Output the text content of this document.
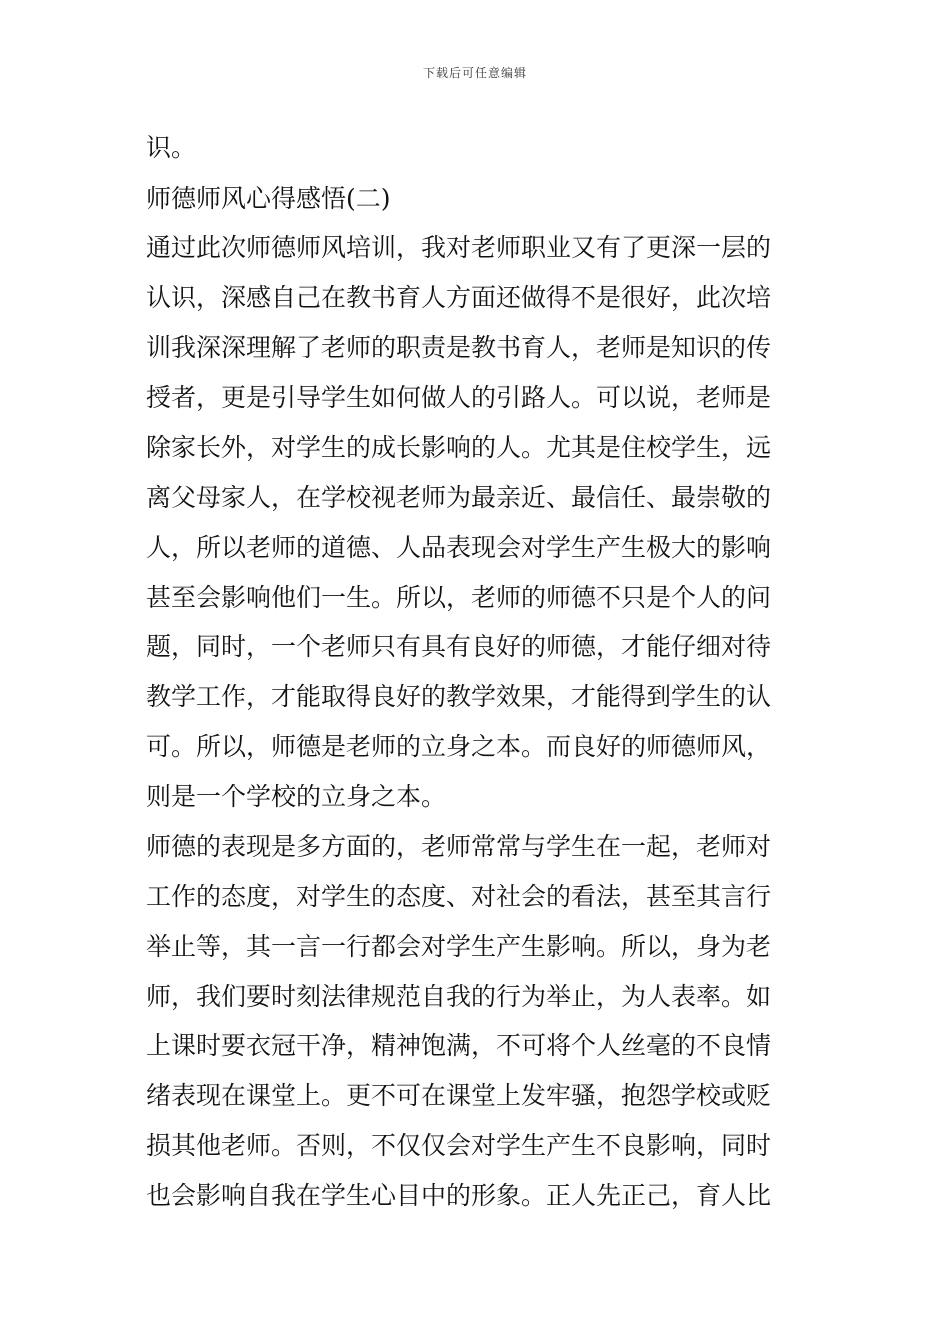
下载后可任意编辑
识。
师德师风心得感悟(二)
通过此次师德师风培训，我对老师职业又有了更深一层的
认识，深感自己在教书育人方面还做得不是很好，此次培
训我深深理解了老师的职责是教书育人，老师是知识的传
授者，更是引导学生如何做人的引路人。可以说，老师是
除家长外，对学生的成长影响的人。尤其是住校学生，远
离父母家人，在学校视老师为最亲近、最信任、最崇敬的
人，所以老师的道德、人品表现会对学生产生极大的影响
甚至会影响他们一生。所以，老师的师德不只是个人的问
题，同时，一个老师只有具有良好的师德，才能仔细对待
教学工作，才能取得良好的教学效果，才能得到学生的认
可。所以，师德是老师的立身之本。而良好的师德师风，
则是一个学校的立身之本。
师德的表现是多方面的，老师常常与学生在一起，老师对
工作的态度，对学生的态度、对社会的看法，甚至其言行
举止等，其一言一行都会对学生产生影响。所以，身为老
师，我们要时刻法律规范自我的行为举止，为人表率。如
上课时要衣冠干净，精神饱满，不可将个人丝毫的不良情
绪表现在课堂上。更不可在课堂上发牢骚，抱怨学校或贬
损其他老师。否则，不仅仅会对学生产生不良影响，同时
也会影响自我在学生心目中的形象。正人先正己，育人比
